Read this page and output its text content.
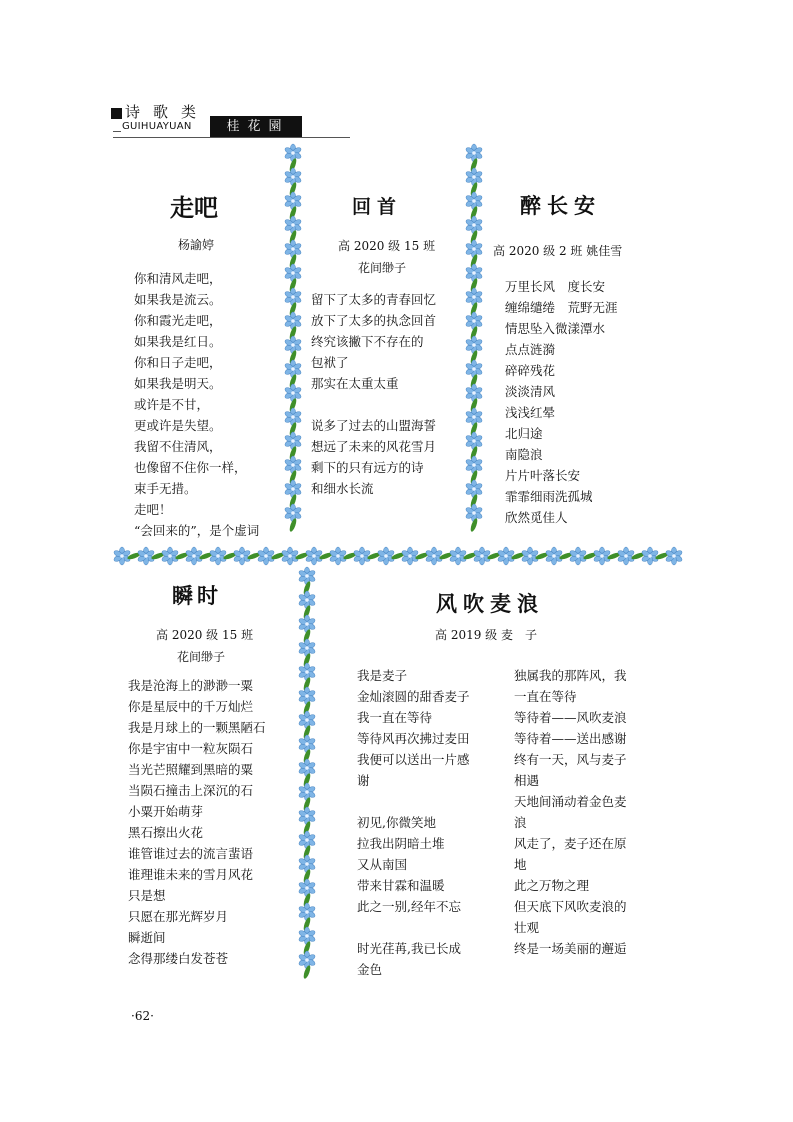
诗歌类
GUIHUAYUAN	桂花園
走吧
杨諭婷
你和清风走吧，
如果我是流云。
你和霞光走吧，
如果我是红日。
你和日子走吧，
如果我是明天。
或许是不甘，
更或许是失望。
我留不住清风，
也像留不住你一样，
束手无措。
走吧！
“会回来的”，是个虚词
回首
高 2020 级 15 班
花间缈子
留下了太多的青春回忆
放下了太多的执念回首
终究该撇下不存在的
包袱了
那实在太重太重

说多了过去的山盟海誓
想远了未来的风花雪月
剩下的只有远方的诗
和细水长流
醉长安
高 2020 级 2 班 姚佳雪
万里长风　度长安
缠绵缱绻　荒野无涯
情思坠入微漾潭水
点点涟漪
碎碎残花
淡淡清风
浅浅红晕
北归途
南隐浪
片片叶落长安
霏霏细雨洗孤城
欣然觅佳人
瞬时
高 2020 级 15 班
花间缈子
我是沧海上的渺渺一粟
你是星辰中的千万灿烂
我是月球上的一颗黑陋石
你是宇宙中一粒灰陨石
当光芒照耀到黑暗的粟
当陨石撞击上深沉的石
小粟开始萌芽
黑石擦出火花
谁管谁过去的流言蜚语
谁理谁未来的雪月风花
只是想
只愿在那光辉岁月
瞬逝间
念得那缕白发苍苍
风吹麦浪
高 2019 级 麦　子
我是麦子
金灿滚圆的甜香麦子
我一直在等待
等待风再次拂过麦田
我便可以送出一片感
谢

初见,你微笑地
拉我出阴暗土堆
又从南国
带来甘霖和温暖
此之一别,经年不忘

时光荏苒,我已长成
金色
独属我的那阵风，我
一直在等待
等待着——风吹麦浪
等待着——送出感谢
终有一天，风与麦子
相遇
天地间涌动着金色麦
浪
风走了，麦子还在原
地
此之万物之理
但天底下风吹麦浪的
壮观
终是一场美丽的邂逅
·62·
